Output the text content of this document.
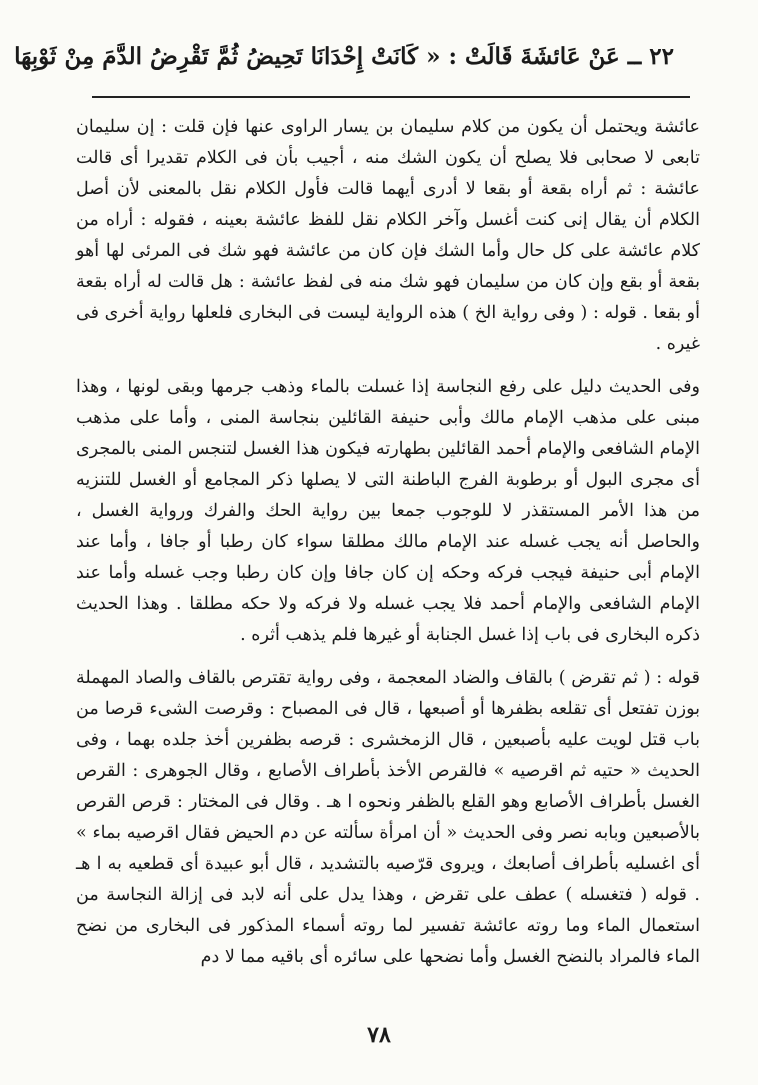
٢٢ ــ عَنْ عَائشَةَ قَالَتْ : « كَانَتْ إِحْدَانَا تَحِيضُ ثُمَّ تَقْرِضُ الدَّمَ مِنْ ثَوْبِهَا

عائشة ويحتمل أن يكون من كلام سليمان بن يسار الراوى عنها فإن قلت : إن سليمان تابعى لا صحابى فلا يصلح أن يكون الشك منه ، أجيب بأن فى الكلام تقديرا أى قالت عائشة : ثم أراه بقعة أو بقعا لا أدرى أيهما قالت فأول الكلام نقل بالمعنى لأن أصل الكلام أن يقال إنى كنت أغسل وآخر الكلام نقل للفظ عائشة بعينه ، فقوله : أراه من كلام عائشة على كل حال وأما الشك فإن كان من عائشة فهو شك فى المرئى لها أهو بقعة أو بقع وإن كان من سليمان فهو شك منه فى لفظ عائشة : هل قالت له أراه بقعة أو بقعا . قوله : ( وفى رواية الخ ) هذه الرواية ليست فى البخارى فلعلها رواية أخرى فى غيره .

وفى الحديث دليل على رفع النجاسة إذا غسلت بالماء وذهب جرمها وبقى لونها ، وهذا مبنى على مذهب الإمام مالك وأبى حنيفة القائلين بنجاسة المنى ، وأما على مذهب الإمام الشافعى والإمام أحمد القائلين بطهارته فيكون هذا الغسل لتنجس المنى بالمجرى أى مجرى البول أو برطوبة الفرج الباطنة التى لا يصلها ذكر المجامع أو الغسل للتنزيه من هذا الأمر المستقذر لا للوجوب جمعا بين رواية الحك والفرك ورواية الغسل ، والحاصل أنه يجب غسله عند الإمام مالك مطلقا سواء كان رطبا أو جافا ، وأما عند الإمام أبى حنيفة فيجب فركه وحكه إن كان جافا وإن كان رطبا وجب غسله وأما عند الإمام الشافعى والإمام أحمد فلا يجب غسله ولا فركه ولا حكه مطلقا . وهذا الحديث ذكره البخارى فى باب إذا غسل الجنابة أو غيرها فلم يذهب أثره .

قوله : ( ثم تقرض ) بالقاف والضاد المعجمة ، وفى رواية تقترص بالقاف والصاد المهملة بوزن تفتعل أى تقلعه بظفرها أو أصبعها ، قال فى المصباح : وقرصت الشىء قرصا من باب قتل لويت عليه بأصبعين ، قال الزمخشرى : قرصه بظفرين أخذ جلده بهما ، وفى الحديث « حتيه ثم اقرصيه » فالقرص الأخذ بأطراف الأصابع ، وقال الجوهرى : القرص الغسل بأطراف الأصابع وهو القلع بالظفر ونحوه ا هـ . وقال فى المختار : قرص القرص بالأصبعين وبابه نصر وفى الحديث « أن امرأة سألته عن دم الحيض فقال اقرصيه بماء » أى اغسليه بأطراف أصابعك ، ويروى قرّصيه بالتشديد ، قال أبو عبيدة أى قطعيه به ا هـ . قوله ( فتغسله ) عطف على تقرض ، وهذا يدل على أنه لابد فى إزالة النجاسة من استعمال الماء وما روته عائشة تفسير لما روته أسماء المذكور فى البخارى من نضح الماء فالمراد بالنضح الغسل وأما نضحها على سائره أى باقيه مما لا دم

٧٨
